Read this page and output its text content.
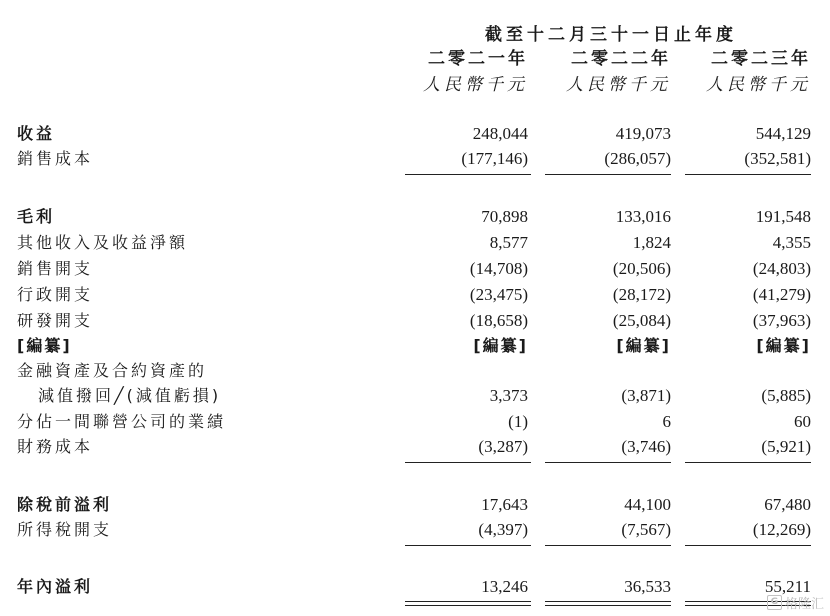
截至十二月三十一日止年度
二零二一年	二零二二年	二零二三年
人民幣千元	人民幣千元	人民幣千元
收益	248,044	419,073	544,129
銷售成本	(177,146)	(286,057)	(352,581)
毛利	70,898	133,016	191,548
其他收入及收益淨額	8,577	1,824	4,355
銷售開支	(14,708)	(20,506)	(24,803)
行政開支	(23,475)	(28,172)	(41,279)
研發開支	(18,658)	(25,084)	(37,963)
[編纂]	[編纂]	[編纂]	[編纂]
金融資產及合約資產的
減值撥回╱(減值虧損)	3,373	(3,871)	(5,885)
分佔一間聯營公司的業績	(1)	6	60
財務成本	(3,287)	(3,746)	(5,921)
除稅前溢利	17,643	44,100	67,480
所得稅開支	(4,397)	(7,567)	(12,269)
年內溢利	13,246	36,533	55,211
G 格隆汇
